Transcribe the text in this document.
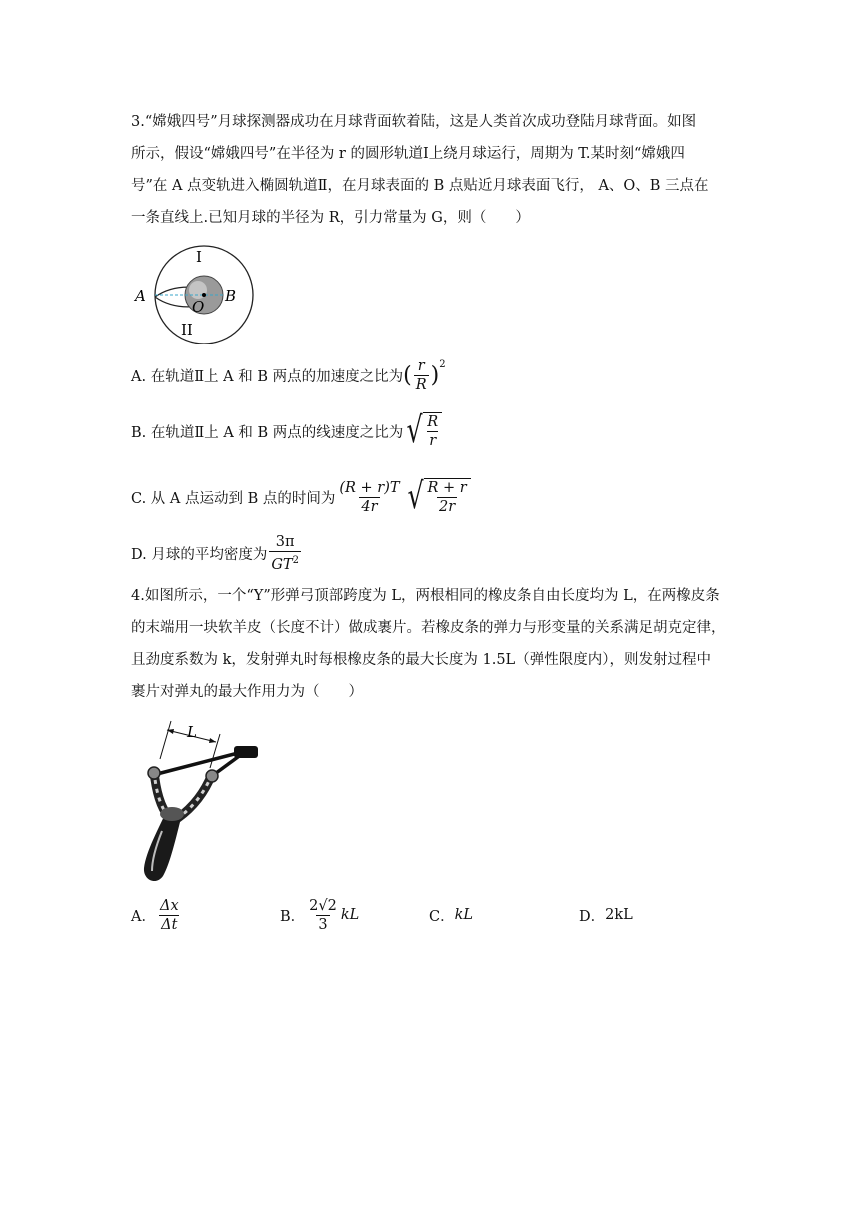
3.“嫦娥四号”月球探测器成功在月球背面软着陆，这是人类首次成功登陆月球背面。如图
所示，假设“嫦娥四号”在半径为 r 的圆形轨道Ⅰ上绕月球运行，周期为 T.某时刻“嫦娥四
号”在 A 点变轨进入椭圆轨道Ⅱ，在月球表面的 B 点贴近月球表面飞行， A、O、B 三点在
一条直线上.已知月球的半径为 R，引力常量为 G，则（　　）
I
A	B
O
II
A. 在轨道Ⅱ上 A 和 B 两点的加速度之比为 ( $\frac{r}{R} )^2$
B. 在轨道Ⅱ上 A 和 B 两点的线速度之比为 √ $\frac{R}{r}$
C. 从 A 点运动到 B 点的时间为 $\frac{(R + r)T}{4r}$ √ $\frac{R + r}{2r}$
D. 月球的平均密度为 $\frac{3\pi}{GT^2}$
4.如图所示，一个“Y”形弹弓顶部跨度为 L，两根相同的橡皮条自由长度均为 L，在两橡皮条
的末端用一块软羊皮（长度不计）做成裹片。若橡皮条的弹力与形变量的关系满足胡克定律，
且劲度系数为 k，发射弹丸时每根橡皮条的最大长度为 1.5L（弹性限度内），则发射过程中
裹片对弹丸的最大作用力为（　　）
L
A． $\frac{\Delta x}{\Delta t}$	B． $\frac{2√2}{3}$ kL	C． kL	D． 2kL
